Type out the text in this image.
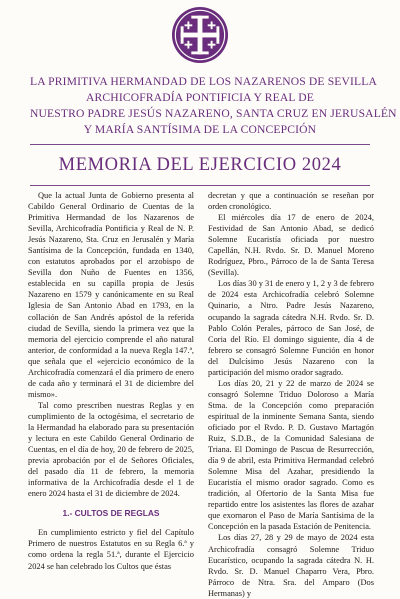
LA PRIMITIVA HERMANDAD DE LOS NAZARENOS DE SEVILLA
ARCHICOFRADÍA PONTIFICIA Y REAL DE
NUESTRO PADRE JESÚS NAZARENO, SANTA CRUZ EN JERUSALÉN
Y MARÍA SANTÍSIMA DE LA CONCEPCIÓN
MEMORIA DEL EJERCICIO 2024

Que la actual Junta de Gobierno presenta al Cabildo General Ordinario de Cuentas de la Primitiva Hermandad de los Nazarenos de Sevilla, Archicofradía Pontificia y Real de N. P. Jesús Nazareno, Sta. Cruz en Jerusalén y María Santísima de la Concepción, fundada en 1340, con estatutos aprobados por el arzobispo de Sevilla don Nuño de Fuentes en 1356, establecida en su capilla propia de Jesús Nazareno en 1579 y canónicamente en su Real Iglesia de San Antonio Abad en 1793, en la collación de San Andrés apóstol de la referida ciudad de Sevilla, siendo la primera vez que la memoria del ejercicio comprende el año natural anterior, de conformidad a la nueva Regla 147.ª, que señala que el «ejercicio económico de la Archicofradía comenzará el día primero de enero de cada año y terminará el 31 de diciembre del mismo».

Tal como prescriben nuestras Reglas y en cumplimiento de la octogésima, el secretario de la Hermandad ha elaborado para su presentación y lectura en este Cabildo General Ordinario de Cuentas, en el día de hoy, 20 de febrero de 2025, previa aprobación por el de Señores Oficiales, del pasado día 11 de febrero, la memoria informativa de la Archicofradía desde el 1 de enero 2024 hasta el 31 de diciembre de 2024.

1.- CULTOS DE REGLAS

En cumplimiento estricto y fiel del Capítulo Primero de nuestros Estatutos en su Regla 6.ª y como ordena la regla 51.ª, durante el Ejercicio 2024 se han celebrado los Cultos que éstas

decretan y que a continuación se reseñan por orden cronológico.

El miércoles día 17 de enero de 2024, Festividad de San Antonio Abad, se dedicó Solemne Eucaristía oficiada por nuestro Capellán, N.H. Rvdo. Sr. D. Manuel Moreno Rodríguez, Pbro., Párroco de la de Santa Teresa (Sevilla).

Los días 30 y 31 de enero y 1, 2 y 3 de febrero de 2024 esta Archicofradía celebró Solemne Quinario, a Ntro. Padre Jesús Nazareno, ocupando la sagrada cátedra N.H. Rvdo. Sr. D. Pablo Colón Perales, párroco de San José, de Coria del Río. El domingo siguiente, día 4 de febrero se consagró Solemne Función en honor del Dulcísimo Jesús Nazareno con la participación del mismo orador sagrado.

Los días 20, 21 y 22 de marzo de 2024 se consagró Solemne Triduo Doloroso a María Stma. de la Concepción como preparación espiritual de la inminente Semana Santa, siendo oficiado por el Rvdo. P. D. Gustavo Martagón Ruiz, S.D.B., de la Comunidad Salesiana de Triana. El Domingo de Pascua de Resurrección, día 9 de abril, esta Primitiva Hermandad celebró Solemne Misa del Azahar, presidiendo la Eucaristía el mismo orador sagrado. Como es tradición, al Ofertorio de la Santa Misa fue repartido entre los asistentes las flores de azahar que exornaron el Paso de María Santísima de la Concepción en la pasada Estación de Penitencia.

Los días 27, 28 y 29 de mayo de 2024 esta Archicofradía consagró Solemne Triduo Eucarístico, ocupando la sagrada cátedra N. H. Rvdo. Sr. D. Manuel Chaparro Vera, Pbro. Párroco de Ntra. Sra. del Amparo (Dos Hermanas) y
